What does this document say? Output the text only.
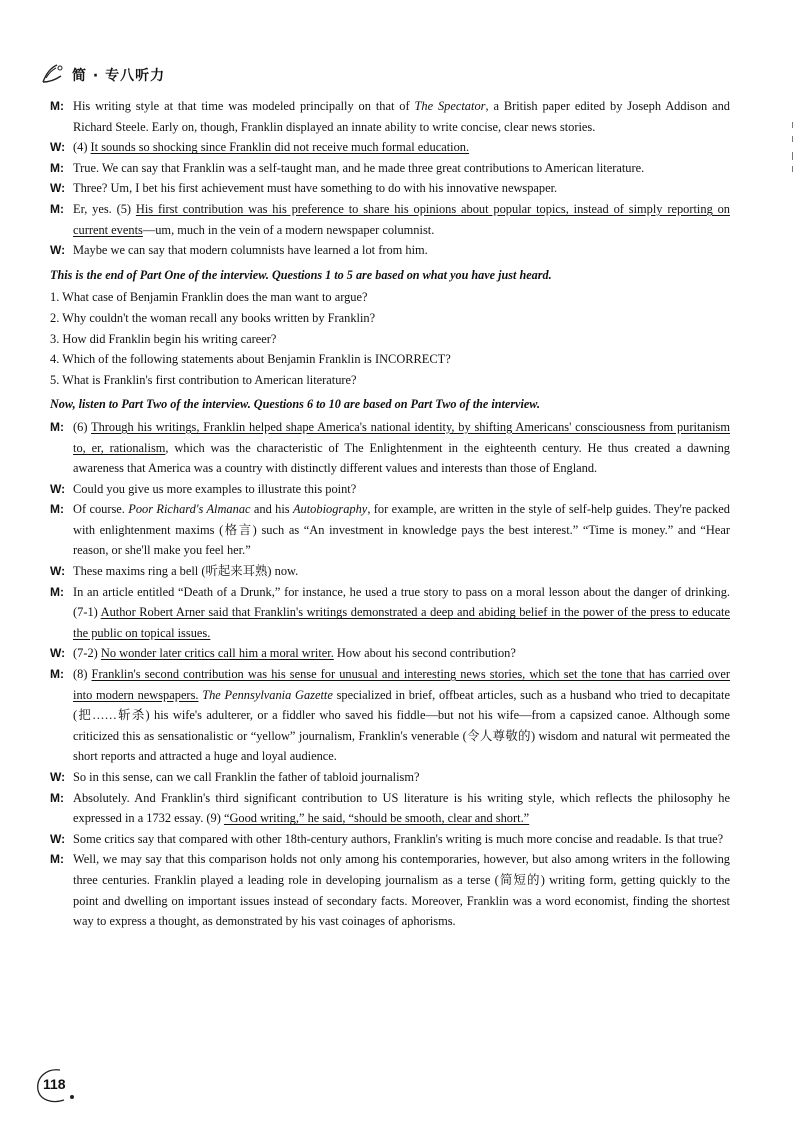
简 · 专八听力
M: His writing style at that time was modeled principally on that of The Spectator, a British paper edited by Joseph Addison and Richard Steele. Early on, though, Franklin displayed an innate ability to write concise, clear news stories.
W: (4) It sounds so shocking since Franklin did not receive much formal education.
M: True. We can say that Franklin was a self-taught man, and he made three great contributions to American literature.
W: Three? Um, I bet his first achievement must have something to do with his innovative newspaper.
M: Er, yes. (5) His first contribution was his preference to share his opinions about popular topics, instead of simply reporting on current events—um, much in the vein of a modern newspaper columnist.
W: Maybe we can say that modern columnists have learned a lot from him.
This is the end of Part One of the interview. Questions 1 to 5 are based on what you have just heard.
1. What case of Benjamin Franklin does the man want to argue?
2. Why couldn't the woman recall any books written by Franklin?
3. How did Franklin begin his writing career?
4. Which of the following statements about Benjamin Franklin is INCORRECT?
5. What is Franklin's first contribution to American literature?
Now, listen to Part Two of the interview. Questions 6 to 10 are based on Part Two of the interview.
M: (6) Through his writings, Franklin helped shape America's national identity, by shifting Americans' consciousness from puritanism to, er, rationalism, which was the characteristic of The Enlightenment in the eighteenth century. He thus created a dawning awareness that America was a country with distinctly different values and interests than those of England.
W: Could you give us more examples to illustrate this point?
M: Of course. Poor Richard's Almanac and his Autobiography, for example, are written in the style of self-help guides. They're packed with enlightenment maxims (格言) such as “An investment in knowledge pays the best interest.” “Time is money.” and “Hear reason, or she'll make you feel her.”
W: These maxims ring a bell (听起来耳熟) now.
M: In an article entitled “Death of a Drunk,” for instance, he used a true story to pass on a moral lesson about the danger of drinking. (7-1) Author Robert Arner said that Franklin's writings demonstrated a deep and abiding belief in the power of the press to educate the public on topical issues.
W: (7-2) No wonder later critics call him a moral writer. How about his second contribution?
M: (8) Franklin's second contribution was his sense for unusual and interesting news stories, which set the tone that has carried over into modern newspapers. The Pennsylvania Gazette specialized in brief, offbeat articles, such as a husband who tried to decapitate (把……斩杀) his wife's adulterer, or a fiddler who saved his fiddle—but not his wife—from a capsized canoe. Although some criticized this as sensationalistic or “yellow” journalism, Franklin's venerable (令人尊敬的) wisdom and natural wit permeated the short reports and attracted a huge and loyal audience.
W: So in this sense, can we call Franklin the father of tabloid journalism?
M: Absolutely. And Franklin's third significant contribution to US literature is his writing style, which reflects the philosophy he expressed in a 1732 essay. (9) “Good writing,” he said, “should be smooth, clear and short.”
W: Some critics say that compared with other 18th-century authors, Franklin's writing is much more concise and readable. Is that true?
M: Well, we may say that this comparison holds not only among his contemporaries, however, but also among writers in the following three centuries. Franklin played a leading role in developing journalism as a terse (简短的) writing form, getting quickly to the point and dwelling on important issues instead of secondary facts. Moreover, Franklin was a word economist, finding the shortest way to express a thought, as demonstrated by his vast coinages of aphorisms.
118
